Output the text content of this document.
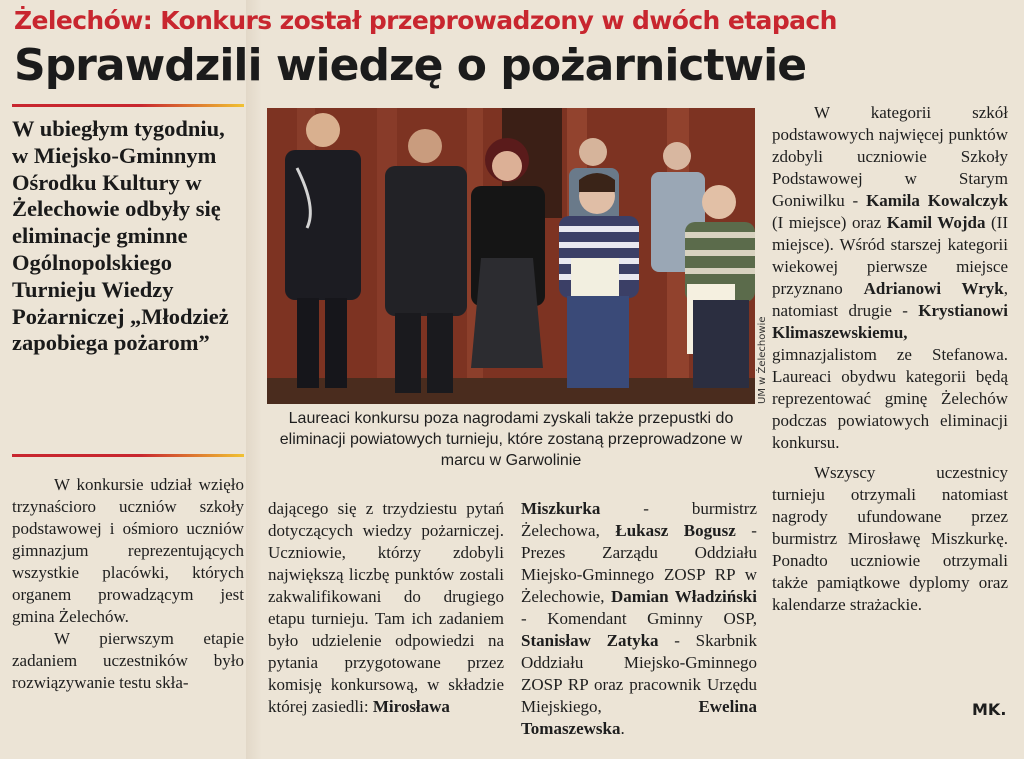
Żelechów: Konkurs został przeprowadzony w dwóch etapach
Sprawdzili wiedzę o pożarnictwie
W ubiegłym tygodniu, w Miejsko-Gminnym Ośrodku Kultury w Żelechowie odbyły się eliminacje gminne Ogólnopolskiego Turnieju Wiedzy Pożarniczej „Młodzież zapobiega pożarom”	UM w Żelechowie
Laureaci konkursu poza nagrodami zyskali także przepustki do eliminacji powiatowych turnieju, które zostaną przeprowadzone w marcu w Garwolinie

W konkursie udział wzięło trzynaścioro uczniów szkoły podstawowej i ośmioro uczniów gimnazjum reprezentujących wszystkie placówki, których organem prowadzącym jest gmina Żelechów.

W pierwszym etapie zadaniem uczestników było rozwiązywanie testu skła-

dającego się z trzydziestu pytań dotyczących wiedzy pożarniczej. Uczniowie, którzy zdobyli największą liczbę punktów zostali zakwalifikowani do drugiego etapu turnieju. Tam ich zadaniem było udzielenie odpowiedzi na pytania przygotowane przez komisję konkursową, w składzie której zasiedli: Mirosława

Miszkurka - burmistrz Żelechowa, Łukasz Bogusz - Prezes Zarządu Oddziału Miejsko-Gminnego ZOSP RP w Żelechowie, Damian Władziński - Komendant Gminny OSP, Stanisław Zatyka - Skarbnik Oddziału Miejsko-Gminnego ZOSP RP oraz pracownik Urzędu Miejskiego, Ewelina Tomaszewska.

W kategorii szkół podstawowych najwięcej punktów zdobyli uczniowie Szkoły Podstawowej w Starym Goniwilku - Kamila Kowalczyk (I miejsce) oraz Kamil Wojda (II miejsce). Wśród starszej kategorii wiekowej pierwsze miejsce przyznano Adrianowi Wryk, natomiast drugie - Krystianowi Klimaszewskiemu, gimnazjalistom ze Stefanowa. Laureaci obydwu kategorii będą reprezentować gminę Żelechów podczas powiatowych eliminacji konkursu.

Wszyscy uczestnicy turnieju otrzymali natomiast nagrody ufundowane przez burmistrz Mirosławę Miszkurkę. Ponadto uczniowie otrzymali także pamiątkowe dyplomy oraz kalendarze strażackie.

MK.
